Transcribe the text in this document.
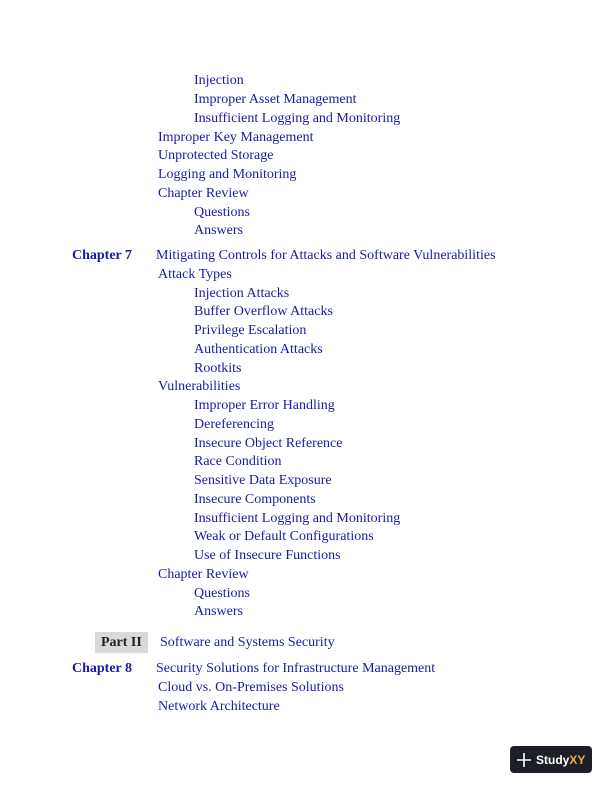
Injection
Improper Asset Management
Insufficient Logging and Monitoring
Improper Key Management
Unprotected Storage
Logging and Monitoring
Chapter Review
Questions
Answers
Chapter 7 Mitigating Controls for Attacks and Software Vulnerabilities
Attack Types
Injection Attacks
Buffer Overflow Attacks
Privilege Escalation
Authentication Attacks
Rootkits
Vulnerabilities
Improper Error Handling
Dereferencing
Insecure Object Reference
Race Condition
Sensitive Data Exposure
Insecure Components
Insufficient Logging and Monitoring
Weak or Default Configurations
Use of Insecure Functions
Chapter Review
Questions
Answers
Part II Software and Systems Security
Chapter 8 Security Solutions for Infrastructure Management
Cloud vs. On-Premises Solutions
Network Architecture
StudyXY
